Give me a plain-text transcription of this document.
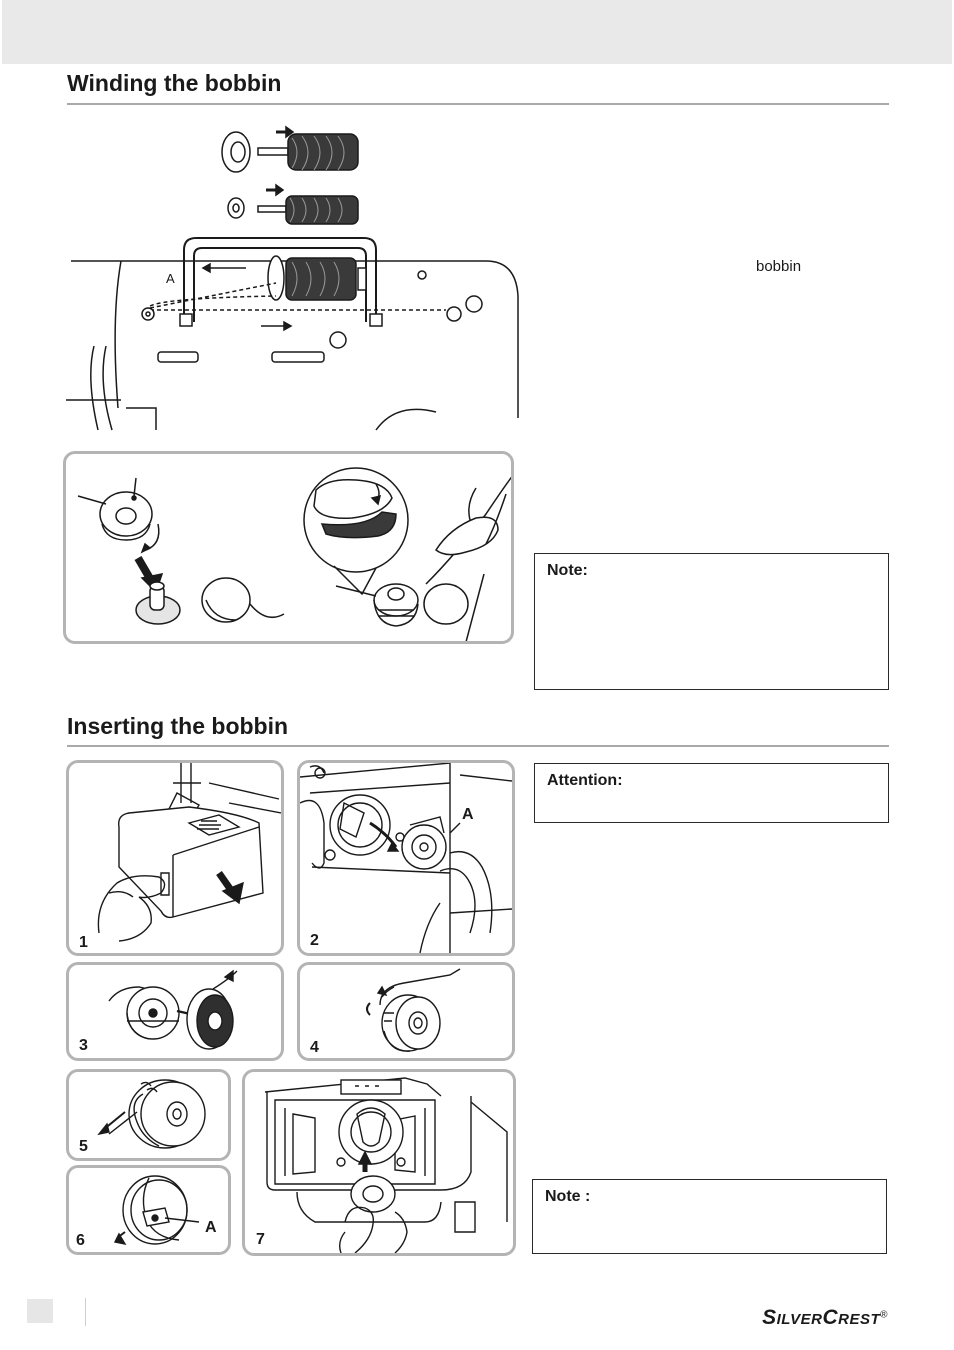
Winding the bobbin
A
bobbin
Note:
Inserting the bobbin
1
A
2
3	4
5
A
6	7
Attention:
Note :
SILVERCREST®
